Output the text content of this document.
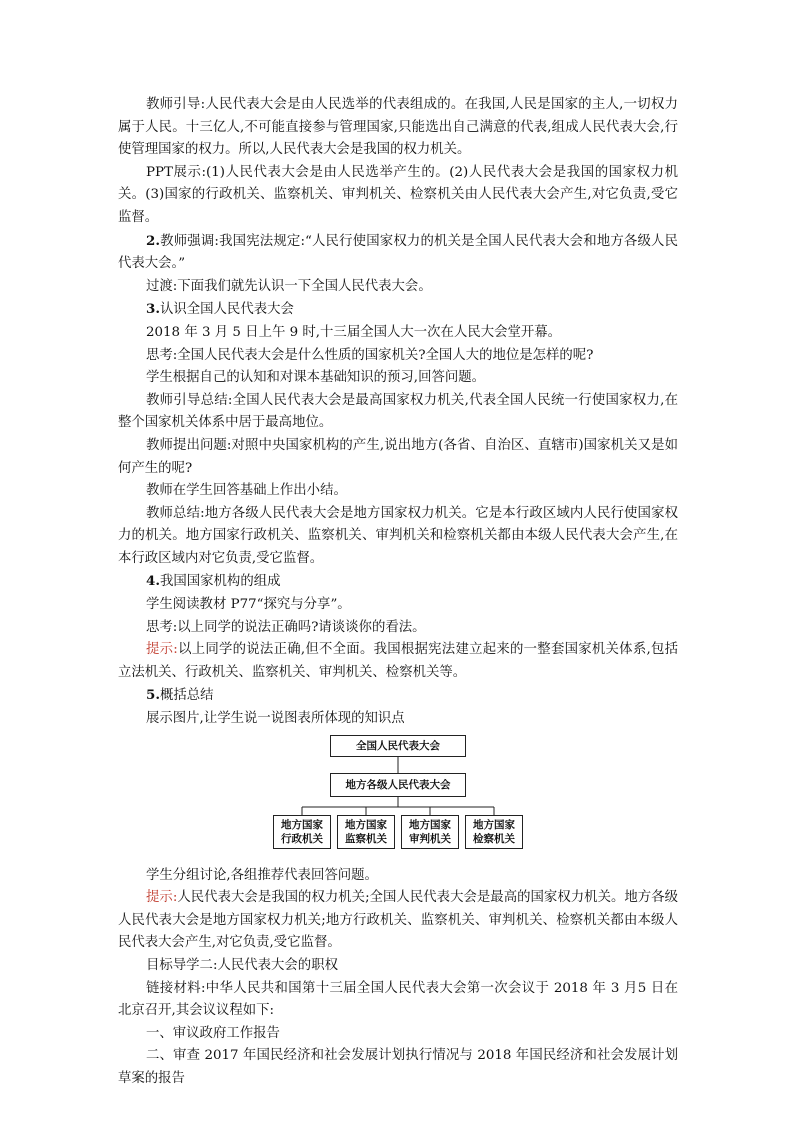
教师引导:人民代表大会是由人民选举的代表组成的。在我国,人民是国家的主人,一切权力属于人民。十三亿人,不可能直接参与管理国家,只能选出自己满意的代表,组成人民代表大会,行使管理国家的权力。所以,人民代表大会是我国的权力机关。

PPT展示:(1)人民代表大会是由人民选举产生的。(2)人民代表大会是我国的国家权力机关。(3)国家的行政机关、监察机关、审判机关、检察机关由人民代表大会产生,对它负责,受它监督。

2.教师强调:我国宪法规定:“人民行使国家权力的机关是全国人民代表大会和地方各级人民代表大会。”

过渡:下面我们就先认识一下全国人民代表大会。

3.认识全国人民代表大会

2018 年 3 月 5 日上午 9 时,十三届全国人大一次在人民大会堂开幕。

思考:全国人民代表大会是什么性质的国家机关?全国人大的地位是怎样的呢?

学生根据自己的认知和对课本基础知识的预习,回答问题。

教师引导总结:全国人民代表大会是最高国家权力机关,代表全国人民统一行使国家权力,在整个国家机关体系中居于最高地位。

教师提出问题:对照中央国家机构的产生,说出地方(各省、自治区、直辖市)国家机关又是如何产生的呢?

教师在学生回答基础上作出小结。

教师总结:地方各级人民代表大会是地方国家权力机关。它是本行政区域内人民行使国家权力的机关。地方国家行政机关、监察机关、审判机关和检察机关都由本级人民代表大会产生,在本行政区域内对它负责,受它监督。

4.我国国家机构的组成

学生阅读教材 P77“探究与分享”。

思考:以上同学的说法正确吗?请谈谈你的看法。

提示:以上同学的说法正确,但不全面。我国根据宪法建立起来的一整套国家机关体系,包括立法机关、行政机关、监察机关、审判机关、检察机关等。

5.概括总结

展示图片,让学生说一说图表所体现的知识点

全国人民代表大会
地方各级人民代表大会
地方国家
行政机关
地方国家
监察机关
地方国家
审判机关
地方国家
检察机关

学生分组讨论,各组推荐代表回答问题。

提示:人民代表大会是我国的权力机关;全国人民代表大会是最高的国家权力机关。地方各级人民代表大会是地方国家权力机关;地方行政机关、监察机关、审判机关、检察机关都由本级人民代表大会产生,对它负责,受它监督。

目标导学二:人民代表大会的职权

链接材料:中华人民共和国第十三届全国人民代表大会第一次会议于 2018 年 3 月5 日在北京召开,其会议议程如下:

一、审议政府工作报告

二、审查 2017 年国民经济和社会发展计划执行情况与 2018 年国民经济和社会发展计划草案的报告
